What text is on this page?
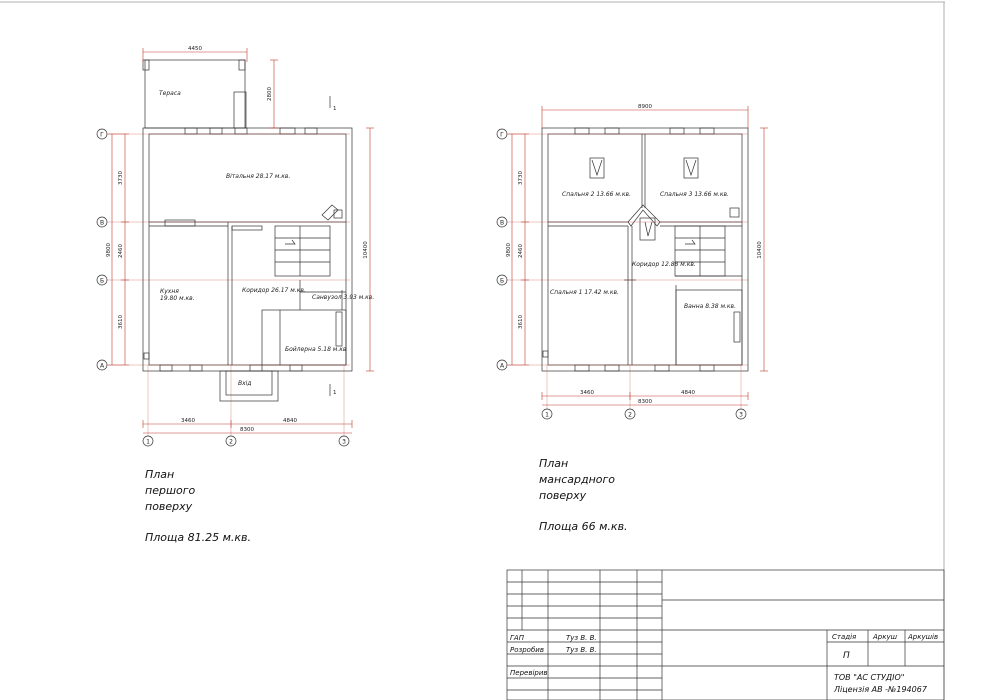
Г
В
Б
А
1	2	3
Тераса
Вітальня 28.17 м.кв.
Кухня
19.80 м.кв.
Коридор 26.17 м.кв.
Санвузол 3.93 м.кв.
Бойлерна 5.18 м.кв
Вхід
4450
2800
10400
9800
3730
2460
3610
3460	4840
8300
1
1
План
першого
поверху
Площа 81.25 м.кв.
Г
В
Б
А
1	2	3
Спальня 2 13.66 м.кв.	Спальня 3 13.66 м.кв.
Коридор 12.88 м.кв.
Спальня 1 17.42 м.кв.
Ванна 8.38 м.кв.
8900
10400
9800
3730
2460
3610
3460	4840
8300
План
мансардного
поверху
Площа 66 м.кв.
ГАП	Туз В. В.
Розробив	Туз В. В.
Перевірив
Стадія Аркуш Аркушів
П
ТОВ "АС СТУДІО"
Ліцензія АВ -№194067
